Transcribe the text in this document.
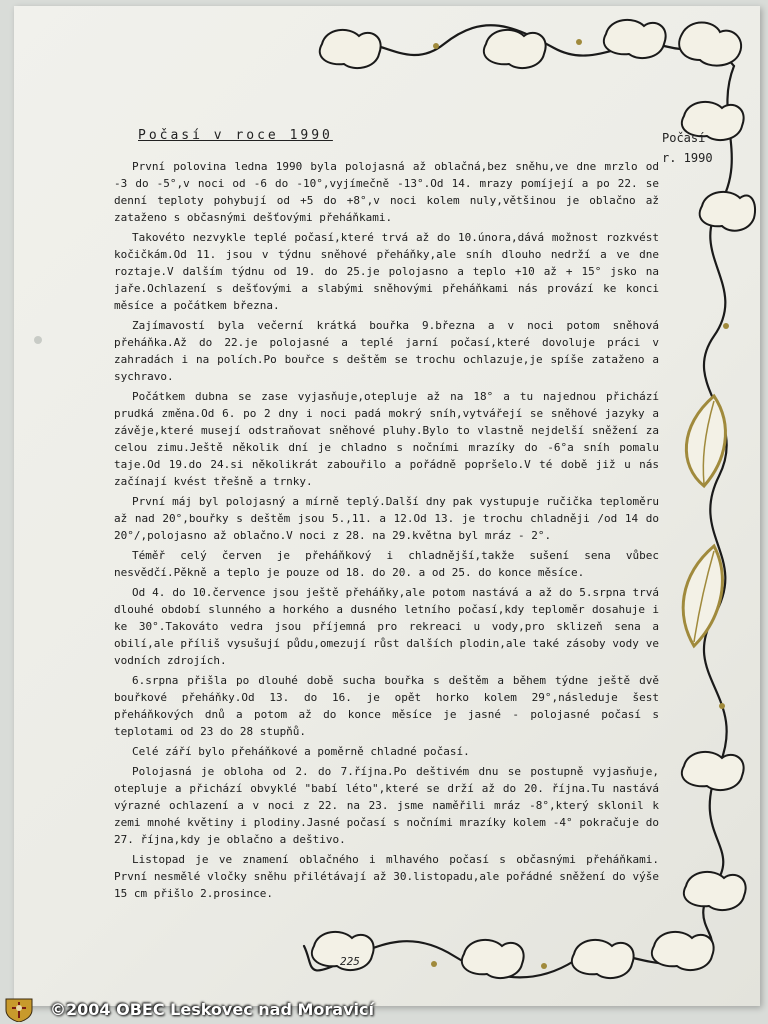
Počasí v roce 1990	Počasí
r. 1990

První polovina ledna 1990 byla polojasná až oblačná,bez sněhu,ve dne mrzlo od -3 do -5°,v noci od -6 do -10°,vyjímečně -13°.Od 14. mrazy pomíjejí a po 22. se denní teploty pohybují od +5 do +8°,v noci kolem nuly,většinou je oblačno až zataženo s občasnými dešťovými přeháňkami.

Takovéto nezvykle teplé počasí,které trvá až do 10.února,dává možnost rozkvést kočičkám.Od 11. jsou v týdnu sněhové přeháňky,ale sníh dlouho nedrží a ve dne roztaje.V dalším týdnu od 19. do 25.je polojasno a teplo +10 až + 15° jsko na jaře.Ochlazení s dešťovými a slabými sněhovými přeháňkami nás provází ke konci měsíce a počátkem března.

Zajímavostí byla večerní krátká bouřka 9.března a v noci potom sněhová přeháňka.Až do 22.je polojasné a teplé jarní počasí,které dovoluje práci v zahradách i na polích.Po bouřce s deštěm se trochu ochlazuje,je spíše zataženo a sychravo.

Počátkem dubna se zase vyjasňuje,otepluje až na 18° a tu najednou přichází prudká změna.Od 6. po 2 dny i noci padá mokrý sníh,vytvářejí se sněhové jazyky a závěje,které musejí odstraňovat sněhové pluhy.Bylo to vlastně nejdelší sněžení za celou zimu.Ještě několik dní je chladno s nočními mrazíky do -6°a sníh pomalu taje.Od 19.do 24.si několikrát zabouřilo a pořádně popršelo.V té době již u nás začínají kvést třešně a trnky.

První máj byl polojasný a mírně teplý.Další dny pak vystupuje ručička teploměru až nad 20°,bouřky s deštěm jsou 5.,11. a 12.Od 13. je trochu chladněji /od 14 do 20°/,polojasno až oblačno.V noci z 28. na 29.května byl mráz - 2°.

Téměř celý červen je přeháňkový i chladnější,takže sušení sena vůbec nesvědčí.Pěkně a teplo je pouze od 18. do 20. a od 25. do konce měsíce.

Od 4. do 10.července jsou ještě přeháňky,ale potom nastává a až do 5.srpna trvá dlouhé období slunného a horkého a dusného letního počasí,kdy teploměr dosahuje i ke 30°.Takováto vedra jsou příjemná pro rekreaci u vody,pro sklizeň sena a obilí,ale příliš vysušují půdu,omezují růst dalších plodin,ale také zásoby vody ve vodních zdrojích.

6.srpna přišla po dlouhé době sucha bouřka s deštěm a během týdne ještě dvě bouřkové přeháňky.Od 13. do 16. je opět horko kolem 29°,následuje šest přeháňkových dnů a potom až do konce měsíce je jasné - polojasné počasí s teplotami od 23 do 28 stupňů.

Celé září bylo přeháňkové a poměrně chladné počasí.

Polojasná je obloha od 2. do 7.října.Po deštivém dnu se postupně vyjasňuje, otepluje a přichází obvyklé "babí léto",které se drží až do 20. října.Tu nastává výrazné ochlazení a v noci z 22. na 23. jsme naměřili mráz -8°,který sklonil k zemi mnohé květiny i plodiny.Jasné počasí s nočními mrazíky kolem -4° pokračuje do 27. října,kdy je oblačno a deštivo.

Listopad je ve znamení oblačného i mlhavého počasí s občasnými přeháňkami. První nesmělé vločky sněhu přilétávají až 30.listopadu,ale pořádné sněžení do výše 15 cm přišlo 2.prosince.

225
©2004 OBEC Leskovec nad Moravicí
